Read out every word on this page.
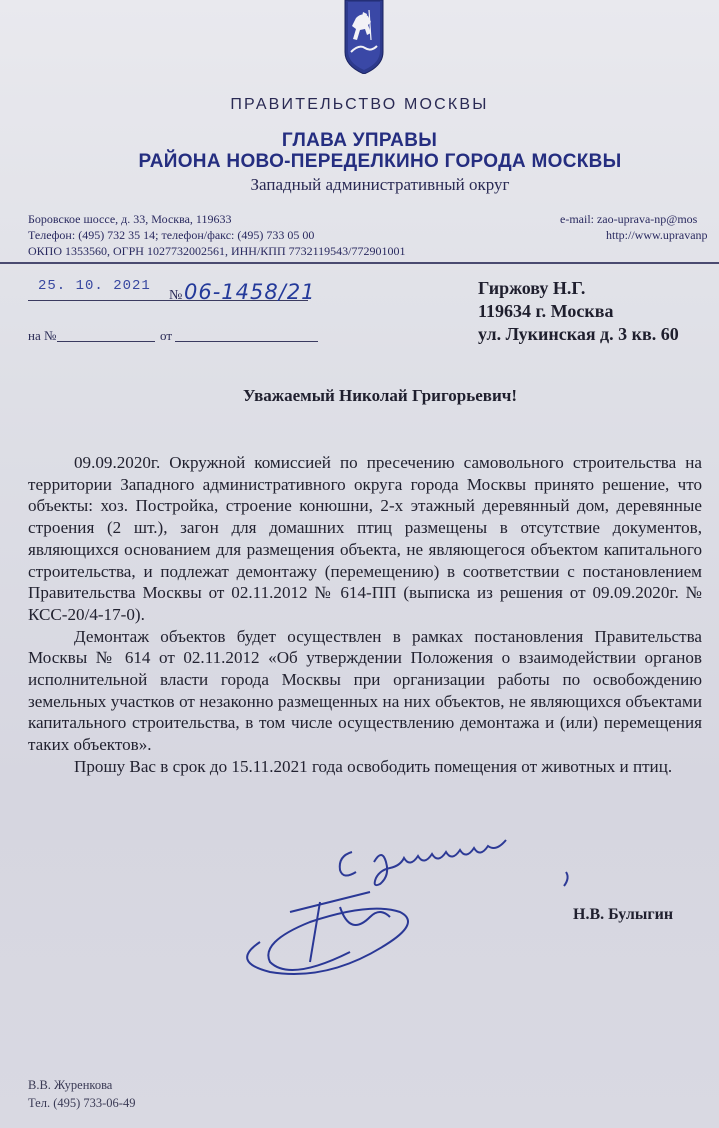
ПРАВИТЕЛЬСТВО МОСКВЫ
ГЛАВА УПРАВЫ
РАЙОНА НОВО-ПЕРЕДЕЛКИНО ГОРОДА МОСКВЫ
Западный административный округ
Боровское шоссе, д. 33, Москва, 119633
Телефон: (495) 732 35 14; телефон/факс: (495) 733 05 00
ОКПО 1353560, ОГРН 1027732002561, ИНН/КПП 7732119543/772901001
e-mail: zao-uprava-np@mos
http://www.upravanp
25. 10. 2021
№ 06-1458/21
на №	от
Гиржову Н.Г.
119634 г. Москва
ул. Лукинская д. 3 кв. 60
Уважаемый Николай Григорьевич!

09.09.2020г. Окружной комиссией по пресечению самовольного строительства на территории Западного административного округа города Москвы принято решение, что объекты: хоз. Постройка, строение конюшни, 2-х этажный деревянный дом, деревянные строения (2 шт.), загон для домашних птиц размещены в отсутствие документов, являющихся основанием для размещения объекта, не являющегося объектом капитального строительства, и подлежат демонтажу (перемещению) в соответствии с постановлением Правительства Москвы от 02.11.2012 № 614-ПП (выписка из решения от 09.09.2020г. № КСС-20/4-17-0).

Демонтаж объектов будет осуществлен в рамках постановления Правительства Москвы № 614 от 02.11.2012 «Об утверждении Положения о взаимодействии органов исполнительной власти города Москвы при организации работы по освобождению земельных участков от незаконно размещенных на них объектов, не являющихся объектами капитального строительства, в том числе осуществлению демонтажа и (или) перемещения таких объектов».

Прошу Вас в срок до 15.11.2021 года освободить помещения от животных и птиц.

Н.В. Булыгин
В.В. Журенкова
Тел. (495) 733-06-49
